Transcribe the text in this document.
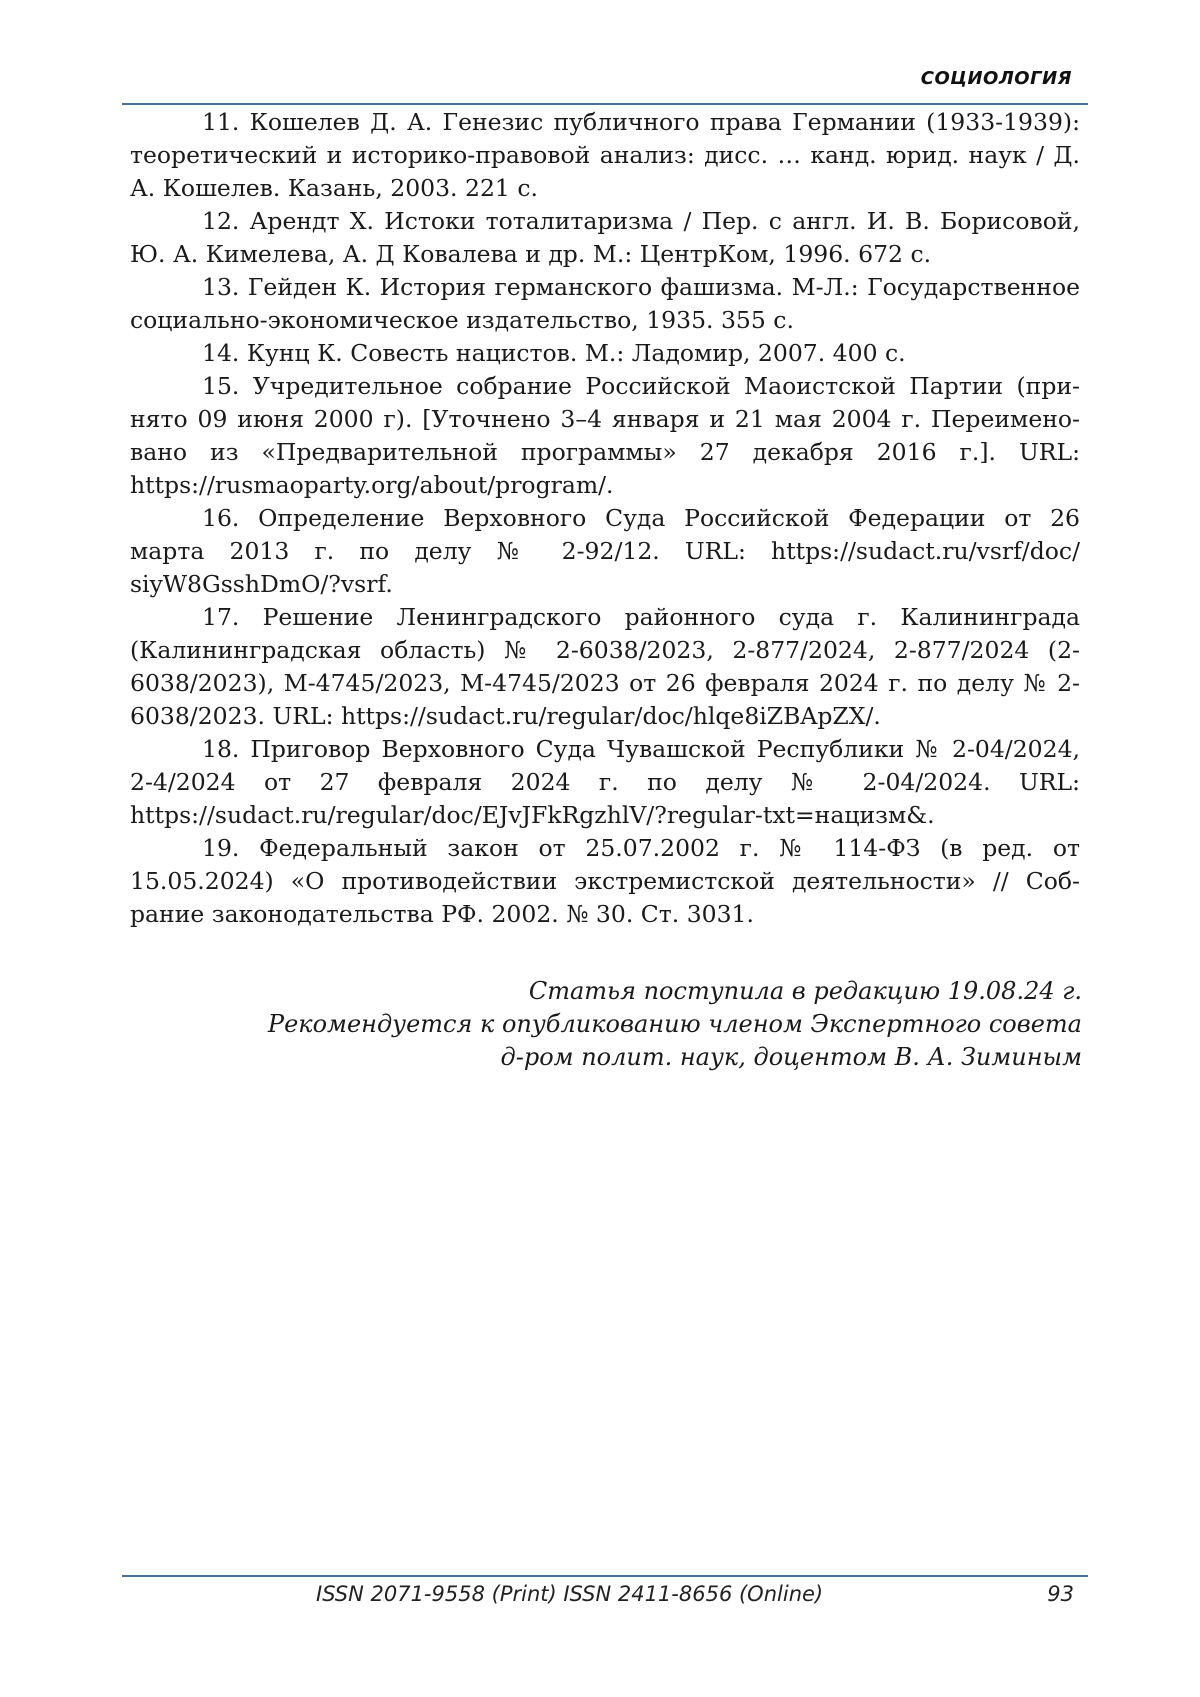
СОЦИОЛОГИЯ

11. Кошелев Д. А. Генезис публичного права Германии (1933-1939): теоретический и историко-правовой анализ: дисс. … канд. юрид. наук / Д. А. Кошелев. Казань, 2003. 221 с.

12. Арендт Х. Истоки тоталитаризма / Пер. с англ. И. В. Борисовой, Ю. А. Кимелева, А. Д Ковалева и др. М.: ЦентрКом, 1996. 672 с.

13. Гейден К. История германского фашизма. М-Л.: Государственное социально-экономическое издательство, 1935. 355 с.

14. Кунц К. Совесть нацистов. М.: Ладомир, 2007. 400 с.

15. Учредительное собрание Российской Маоистской Партии (принято 09 июня 2000 г). [Уточнено 3–4 января и 21 мая 2004 г. Переименовано из «Предварительной программы» 27 декабря 2016 г.]. URL: https://rusmaoparty.org/about/program/.

16. Определение Верховного Суда Российской Федерации от 26 марта 2013 г. по делу № 2-92/12. URL: https://sudact.ru/vsrf/doc/ siyW8GsshDmO/?vsrf.

17. Решение Ленинградского районного суда г. Калининграда (Калининградская область) № 2-6038/2023, 2-877/2024, 2-877/2024 (2-6038/2023), М-4745/2023, М-4745/2023 от 26 февраля 2024 г. по делу № 2-6038/2023. URL: https://sudact.ru/regular/doc/hlqe8iZBApZX/.

18. Приговор Верховного Суда Чувашской Республики № 2-04/2024, 2-4/2024 от 27 февраля 2024 г. по делу № 2-04/2024. URL: https://sudact.ru/regular/doc/EJvJFkRgzhlV/?regular-txt=нацизм&.

19. Федеральный закон от 25.07.2002 г. № 114-ФЗ (в ред. от 15.05.2024) «О противодействии экстремистской деятельности» // Собрание законодательства РФ. 2002. № 30. Ст. 3031.

Статья поступила в редакцию 19.08.24 г.
Рекомендуется к опубликованию членом Экспертного совета
д-ром полит. наук, доцентом В. А. Зиминым
ISSN 2071-9558 (Print) ISSN 2411-8656 (Online)	93
